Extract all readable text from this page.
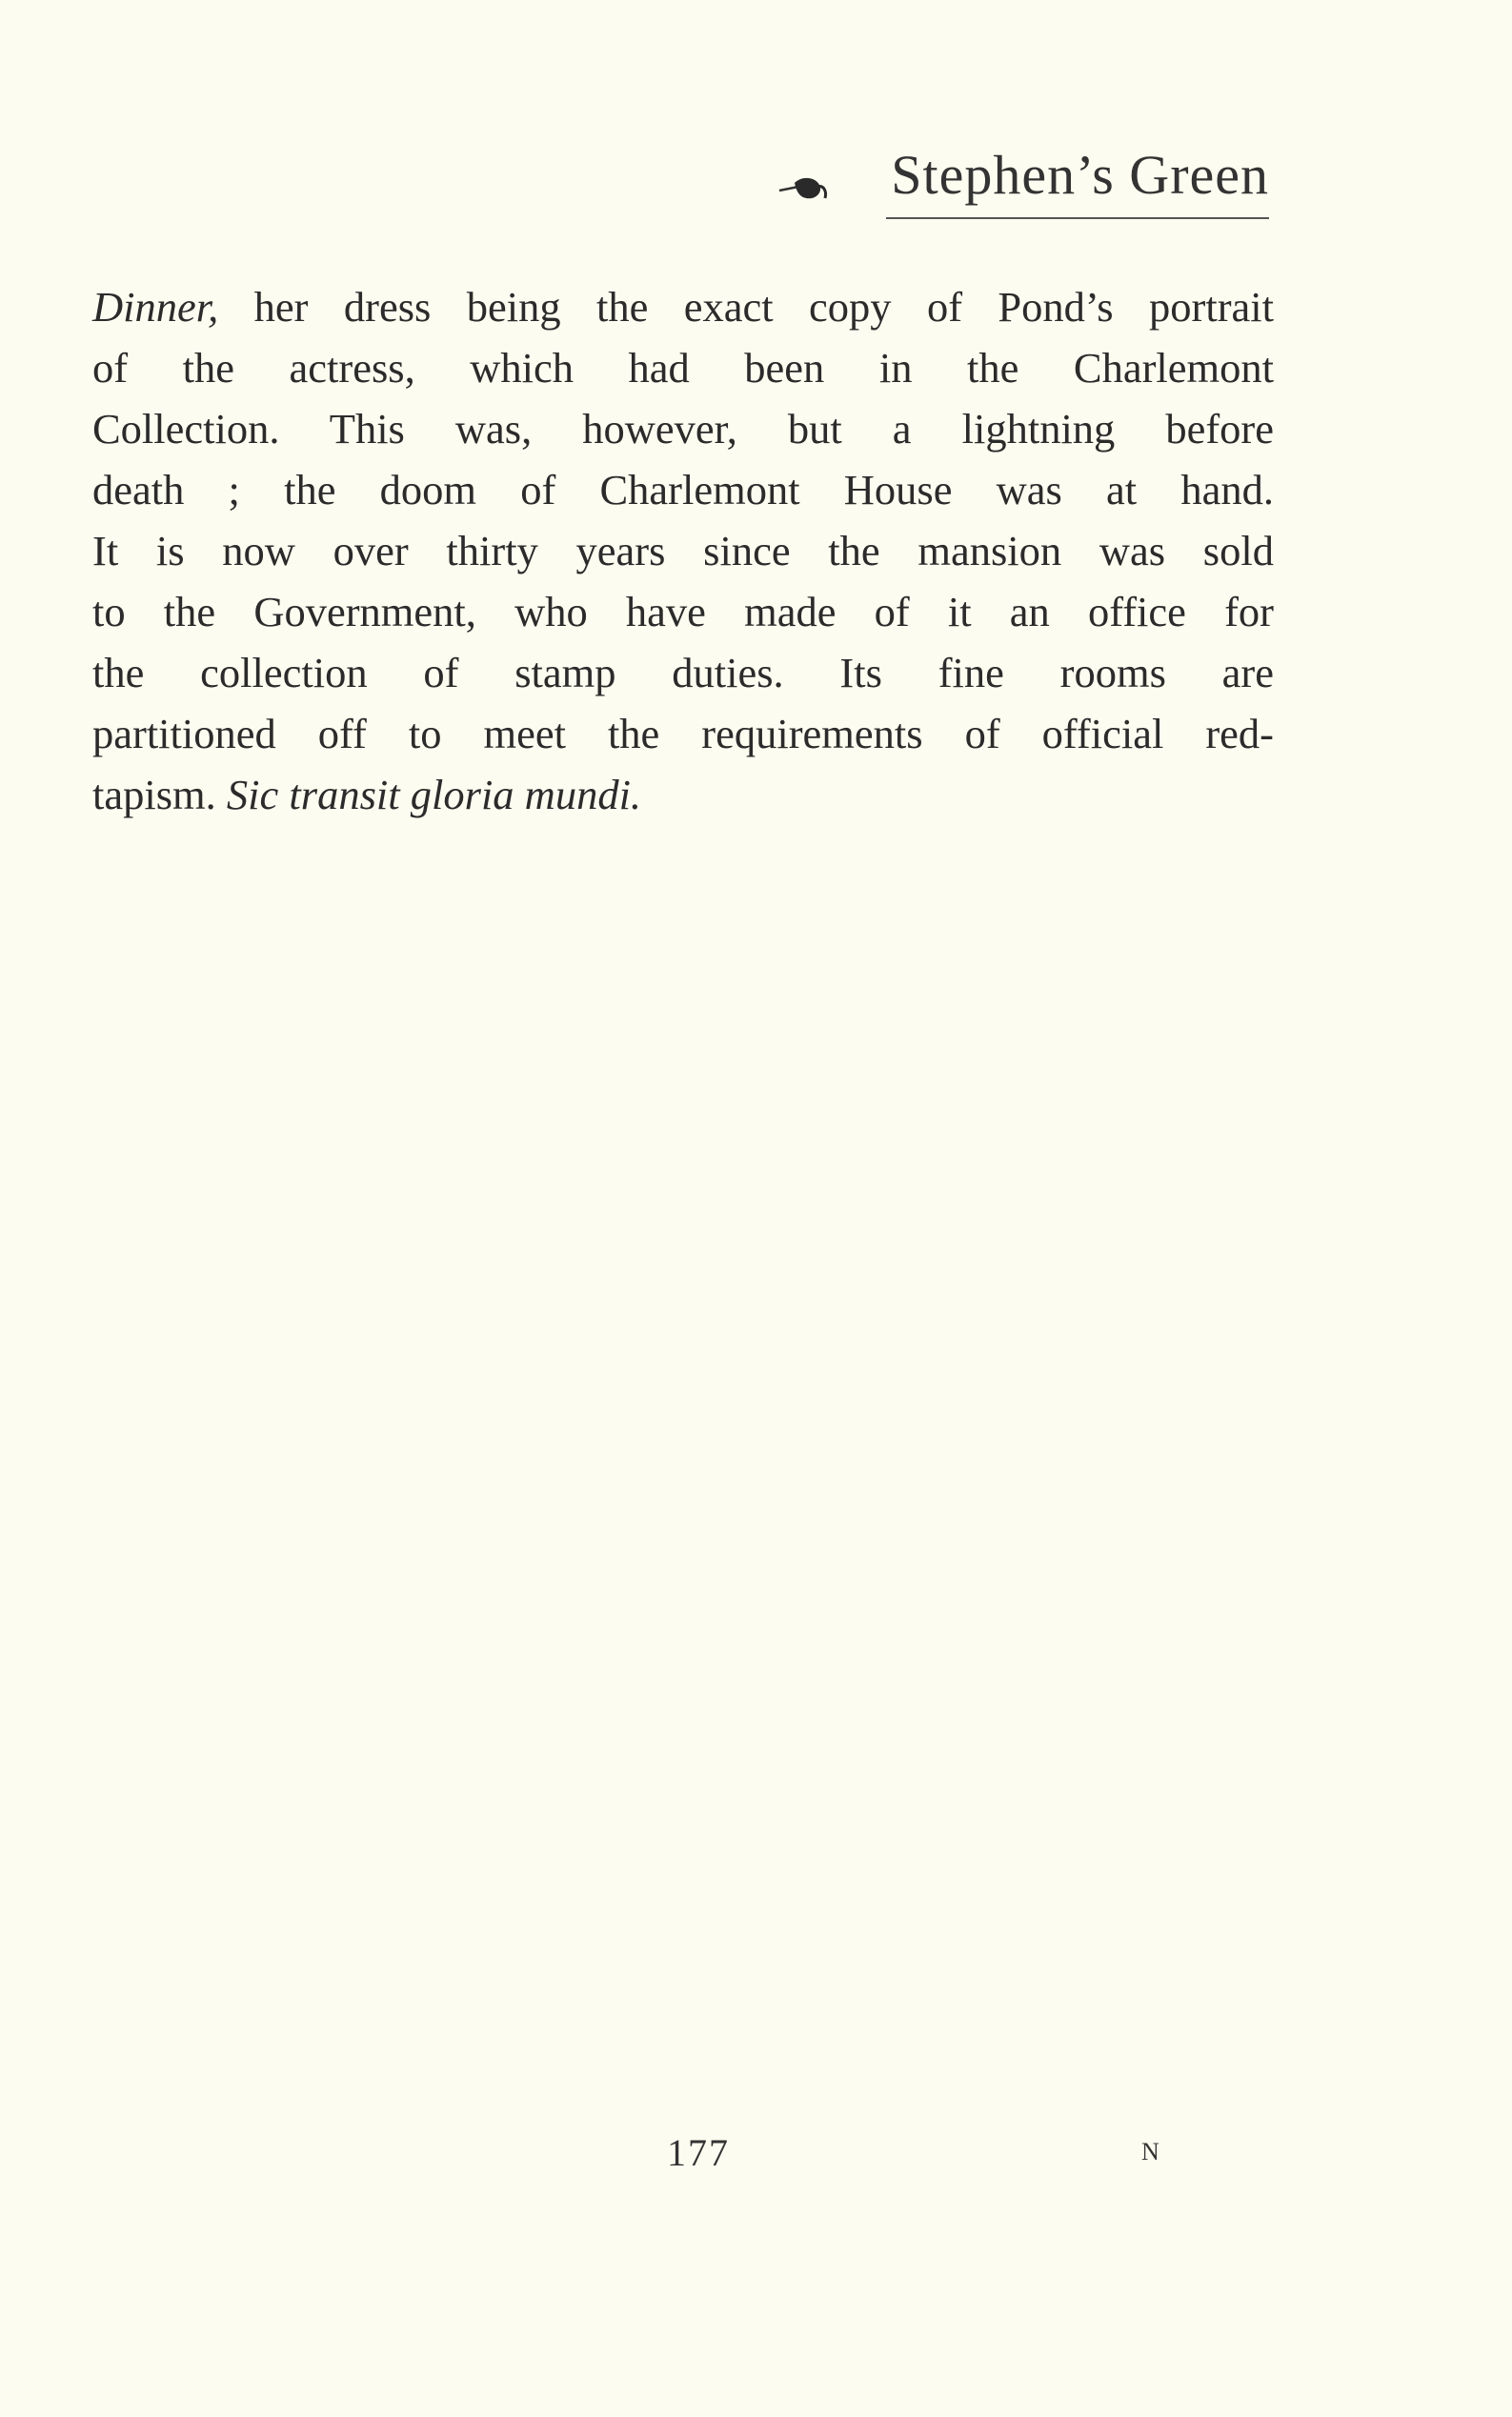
Stephen’s Green
Dinner, her dress being the exact copy of Pond’s portrait
of the actress, which had been in the Charlemont
Collection. This was, however, but a lightning before
death ; the doom of Charlemont House was at hand.
It is now over thirty years since the mansion was sold
to the Government, who have made of it an office for
the collection of stamp duties. Its fine rooms are
partitioned off to meet the requirements of official red-
tapism. Sic transit gloria mundi.
177	N
